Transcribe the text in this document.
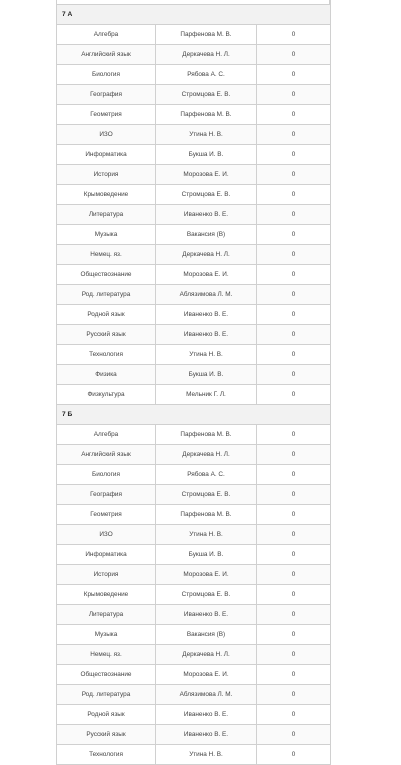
7 А		
Алгебра	Парфенова М. В.	0
Английский язык	Деркачева Н. Л.	0
Биология	Рябова А. С.	0
География	Стромцова Е. В.	0
Геометрия	Парфенова М. В.	0
ИЗО	Утина Н. В.	0
Информатика	Букша И. В.	0
История	Морозова Е. И.	0
Крымоведение	Стромцова Е. В.	0
Литература	Иваненко В. Е.	0
Музыка	Вакансия (В)	0
Немец. яз.	Деркачева Н. Л.	0
Обществознание	Морозова Е. И.	0
Род. литература	Аблязимова Л. М.	0
Родной язык	Иваненко В. Е.	0
Русский язык	Иваненко В. Е.	0
Технология	Утина Н. В.	0
Физика	Букша И. В.	0
Физкультура	Мельник Г. Л.	0
7 Б		
Алгебра	Парфенова М. В.	0
Английский язык	Деркачева Н. Л.	0
Биология	Рябова А. С.	0
География	Стромцова Е. В.	0
Геометрия	Парфенова М. В.	0
ИЗО	Утина Н. В.	0
Информатика	Букша И. В.	0
История	Морозова Е. И.	0
Крымоведение	Стромцова Е. В.	0
Литература	Иваненко В. Е.	0
Музыка	Вакансия (В)	0
Немец. яз.	Деркачева Н. Л.	0
Обществознание	Морозова Е. И.	0
Род. литература	Аблязимова Л. М.	0
Родной язык	Иваненко В. Е.	0
Русский язык	Иваненко В. Е.	0
Технология	Утина Н. В.	0
